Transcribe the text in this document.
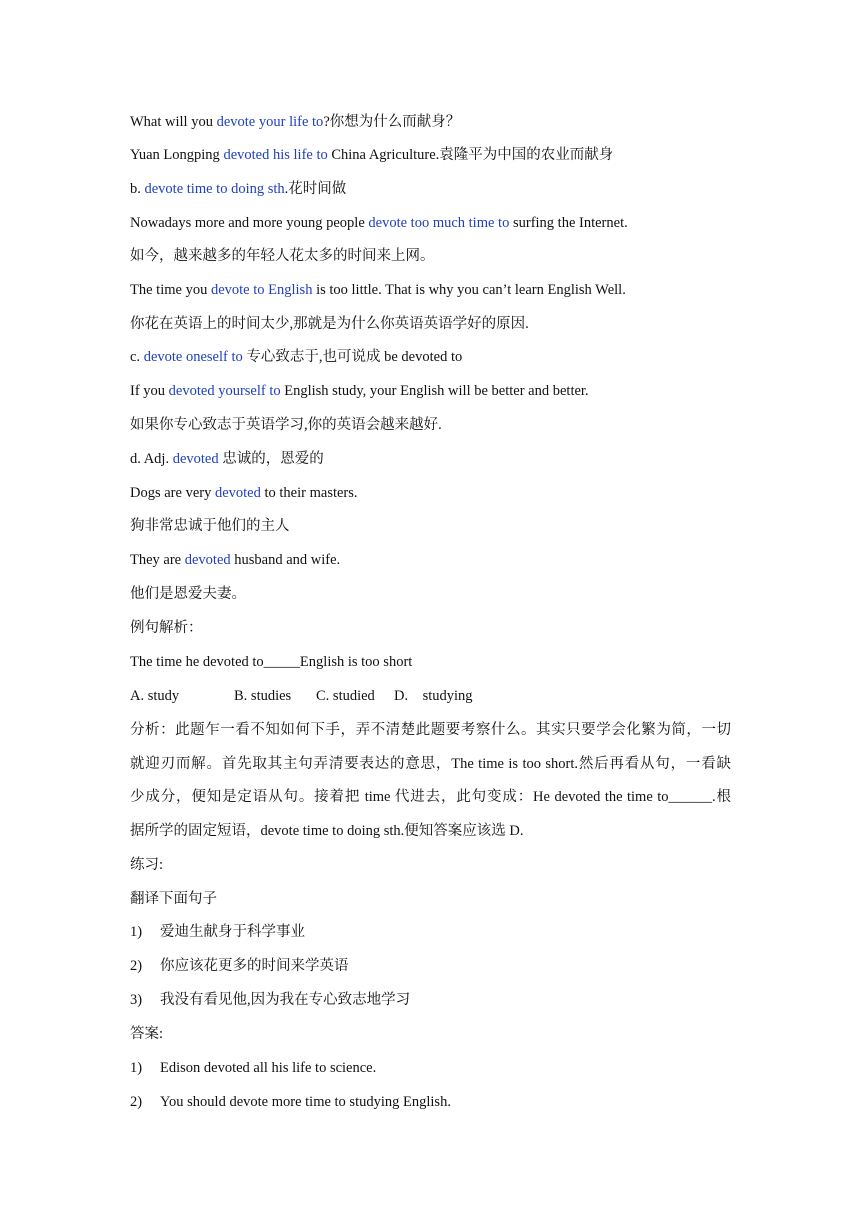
What will you devote your life to?你想为什么而献身？
Yuan Longping devoted his life to China Agriculture.袁隆平为中国的农业而献身
b. devote time to doing sth.花时间做
Nowadays more and more young people devote too much time to surfing the Internet.
如今，越来越多的年轻人花太多的时间来上网。
The time you devote to English is too little. That is why you can’t learn English Well.
你花在英语上的时间太少,那就是为什么你英语英语学好的原因.
c. devote oneself to 专心致志于,也可说成 be devoted to
If you devoted yourself to English study, your English will be better and better.
如果你专心致志于英语学习,你的英语会越来越好.
d. Adj. devoted 忠诚的，恩爱的
Dogs are very devoted to their masters.
狗非常忠诚于他们的主人
They are devoted husband and wife.
他们是恩爱夫妻。
例句解析：
The time he devoted to_____English is too short
A. study	B. studies C. studied D.    studying
分析：此题乍一看不知如何下手，弄不清楚此题要考察什么。其实只要学会化繁为简，一切
就迎刃而解。首先取其主句弄清要表达的意思，The time is too short.然后再看从句，一看缺
少成分，便知是定语从句。接着把 time 代进去，此句变成：He devoted the time to______.根
据所学的固定短语，devote time to doing sth.便知答案应该选 D.
练习:
翻译下面句子
1) 爱迪生献身于科学事业
2) 你应该花更多的时间来学英语
3) 我没有看见他,因为我在专心致志地学习
答案:
1) Edison devoted all his life to science.
2) You should devote more time to studying English.
